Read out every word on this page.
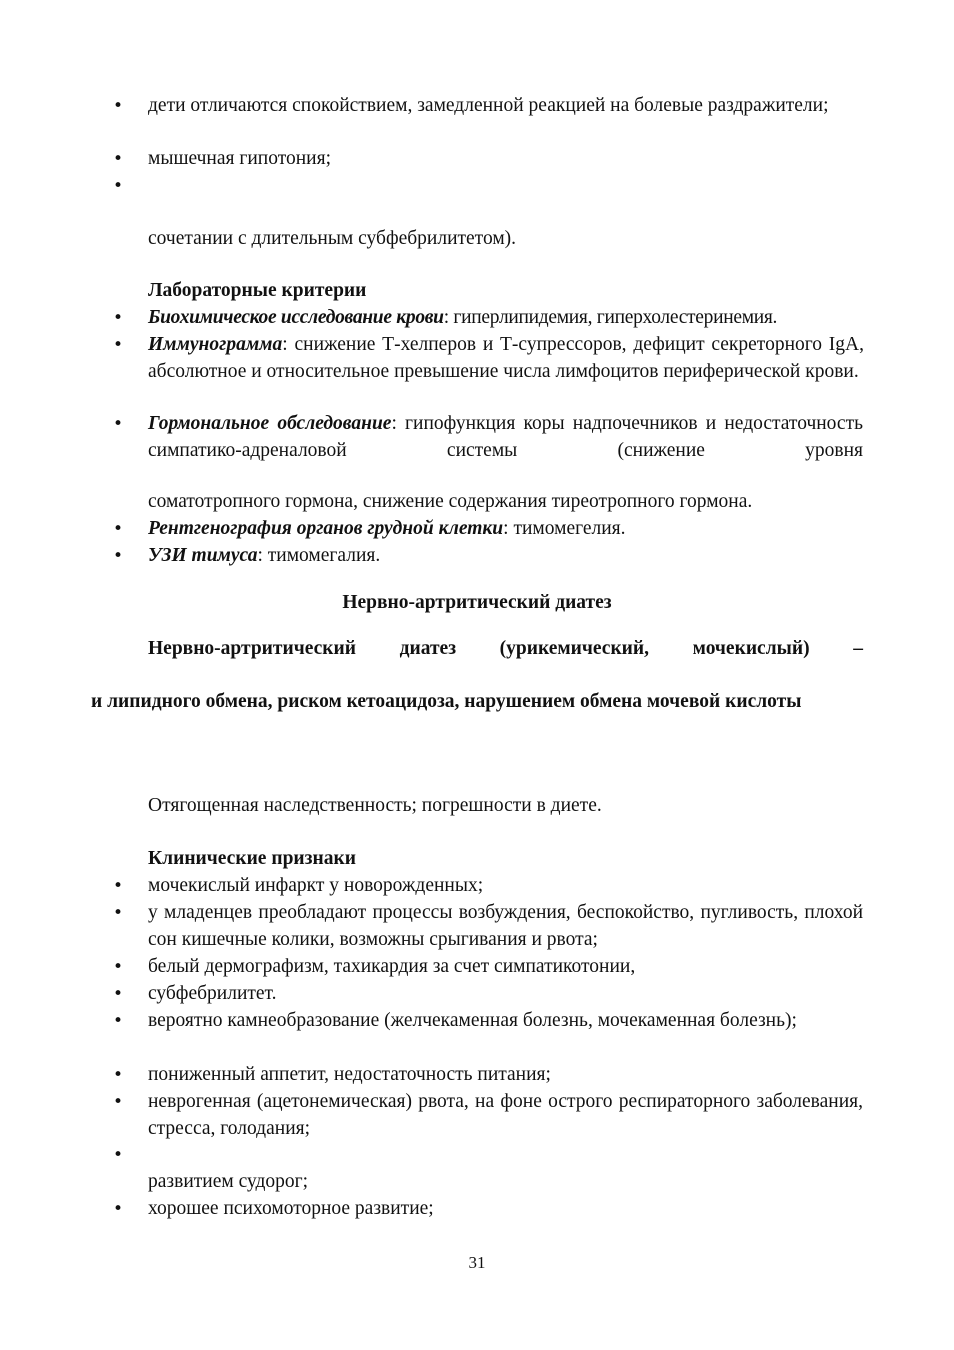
•	дети отличаются спокойствием, замедленной реакцией на болевые раздражители;
•	мышечная гипотония;
•
сочетании с длительным субфебрилитетом).
Лабораторные критерии
•	Биохимическое исследование крови: гиперлипидемия, гиперхолестеринемия.
•	Иммунограмма: снижение Т-хелперов и Т-супрессоров, дефицит секреторного IgA, абсолютное и относительное превышение числа лимфоцитов периферической крови.
•	Гормональное обследование: гипофункция коры надпочечников и недостаточность симпатико-адреналовой системы (снижение уровня
соматотропного гормона, снижение содержания тиреотропного гормона.
•	Рентгенография органов грудной клетки: тимомегелия.
•	УЗИ тимуса: тимомегалия.
Нервно-артритический диатез
Нервно-артритический диатез (урикемический, мочекислый) –
и липидного обмена, риском кетоацидоза, нарушением обмена мочевой кислоты
Отягощенная наследственность; погрешности в диете.
Клинические признаки
•	мочекислый инфаркт у новорожденных;
•	у младенцев преобладают процессы возбуждения, беспокойство, пугливость, плохой сон кишечные колики, возможны срыгивания и рвота;
•	белый дермографизм, тахикардия за счет симпатикотонии,
•	субфебрилитет.
•	вероятно камнеобразование (желчекаменная болезнь, мочекаменная болезнь);
•	пониженный аппетит, недостаточность питания;
•	неврогенная (ацетонемическая) рвота, на фоне острого респираторного заболевания, стресса, голодания;
•
развитием судорог;
•	хорошее психомоторное развитие;
31
